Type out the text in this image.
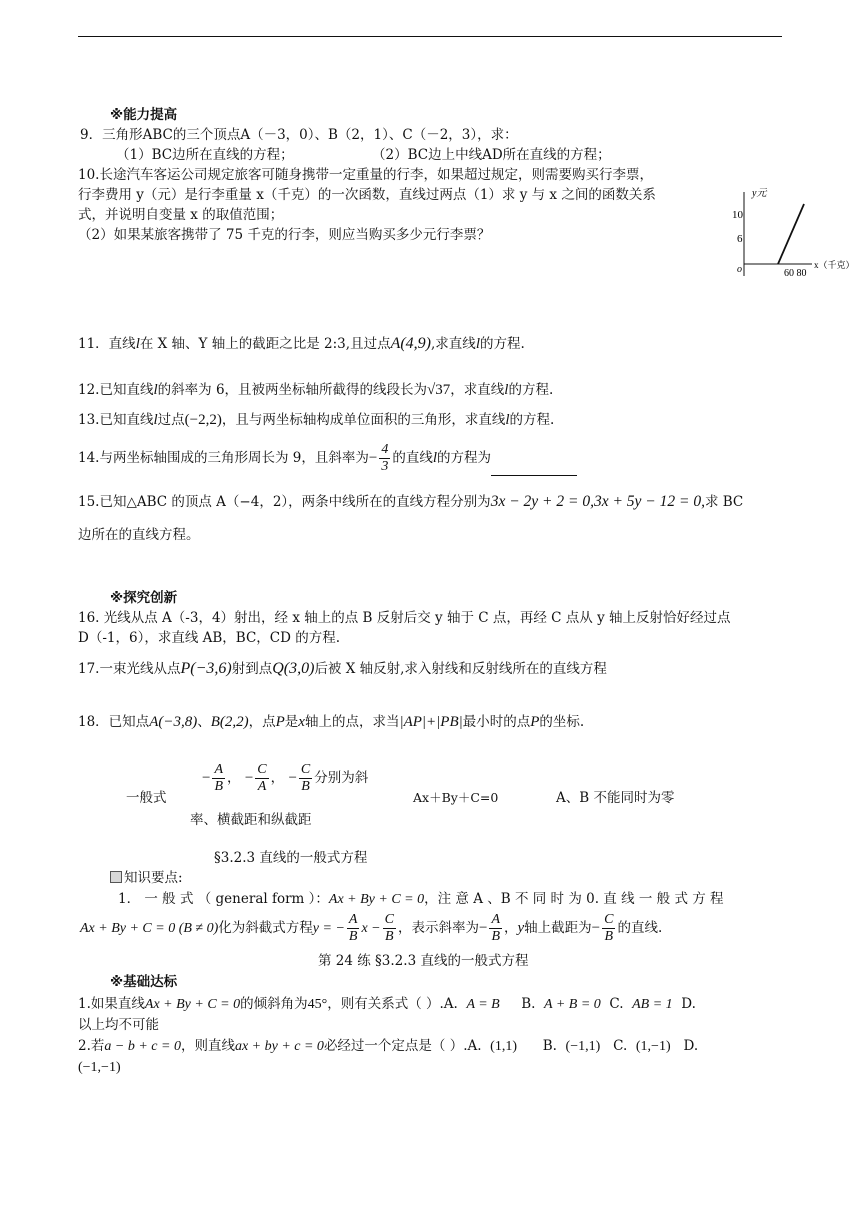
※能力提高
9．三角形ABC的三个顶点A（－3，0）、B（2，1）、C（－2，3），求：
（1）BC边所在直线的方程；	（2）BC边上中线AD所在直线的方程；
10.长途汽车客运公司规定旅客可随身携带一定重量的行李，如果超过规定，则需要购买行李票，
行李费用 y（元）是行李重量 x（千克）的一次函数，直线过两点（1）求 y 与 x 之间的函数关系
式，并说明自变量 x 的取值范围；
（2）如果某旅客携带了 75 千克的行李，则应当购买多少元行李票？
y元
10
6
o	60 80
x（千克）
11．直线l在 X 轴、Y 轴上的截距之比是 2:3,且过点A(4,9),求直线l的方程.
12.已知直线l的斜率为 6，且被两坐标轴所截得的线段长为√37，求直线l的方程.
13.已知直线l过点(−2,2)，且与两坐标轴构成单位面积的三角形，求直线l的方程.
14.与两坐标轴围成的三角形周长为 9，且斜率为− $\frac{4}{3}$ 的直线l的方程为
15.已知△ABC 的顶点 A（−4，2），两条中线所在的直线方程分别为3x − 2y + 2 = 0,3x + 5y − 12 = 0,求 BC
边所在的直线方程。
※探究创新
16. 光线从点 A（-3，4）射出，经 x 轴上的点 B 反射后交 y 轴于 C 点，再经 C 点从 y 轴上反射恰好经过点
D（-1，6），求直线 AB，BC，CD 的方程.
17.一束光线从点P(−3,6)射到点Q(3,0)后被 X 轴反射,求入射线和反射线所在的直线方程
18．已知点A(−3,8)、B(2,2)，点P是x轴上的点，求当|AP|+|PB|最小时的点P的坐标.
一般式
− $\frac{A}{B}$ ， − $\frac{C}{A}$ ， − $\frac{C}{B}$ 分别为斜
率、横截距和纵截距
Ax＋By＋C=0	A、B 不能同时为零
§3.2.3 直线的一般式方程
知识要点:
1． 一 般 式 （ general form ）：Ax + By + C = 0，注 意 A 、B 不 同 时 为 0. 直 线 一 般 式 方 程
Ax + By + C = 0 (B ≠ 0)化为斜截式方程y = − $\frac{A}{B}$ $x - \frac{C}{B}$ ，表示斜率为− $\frac{A}{B}$ ，y轴上截距为− $\frac{C}{B}$ 的直线.
第 24 练 §3.2.3 直线的一般式方程
※基础达标
1.如果直线Ax + By + C = 0的倾斜角为45°，则有关系式（ ）.A. A = B B. A + B = 0 C. AB = 1 D.
以上均不可能
2.若a − b + c = 0，则直线ax + by + c = 0必经过一个定点是（ ）.A. (1,1) B. (−1,1) C. (1,−1) D.
(−1,−1)
